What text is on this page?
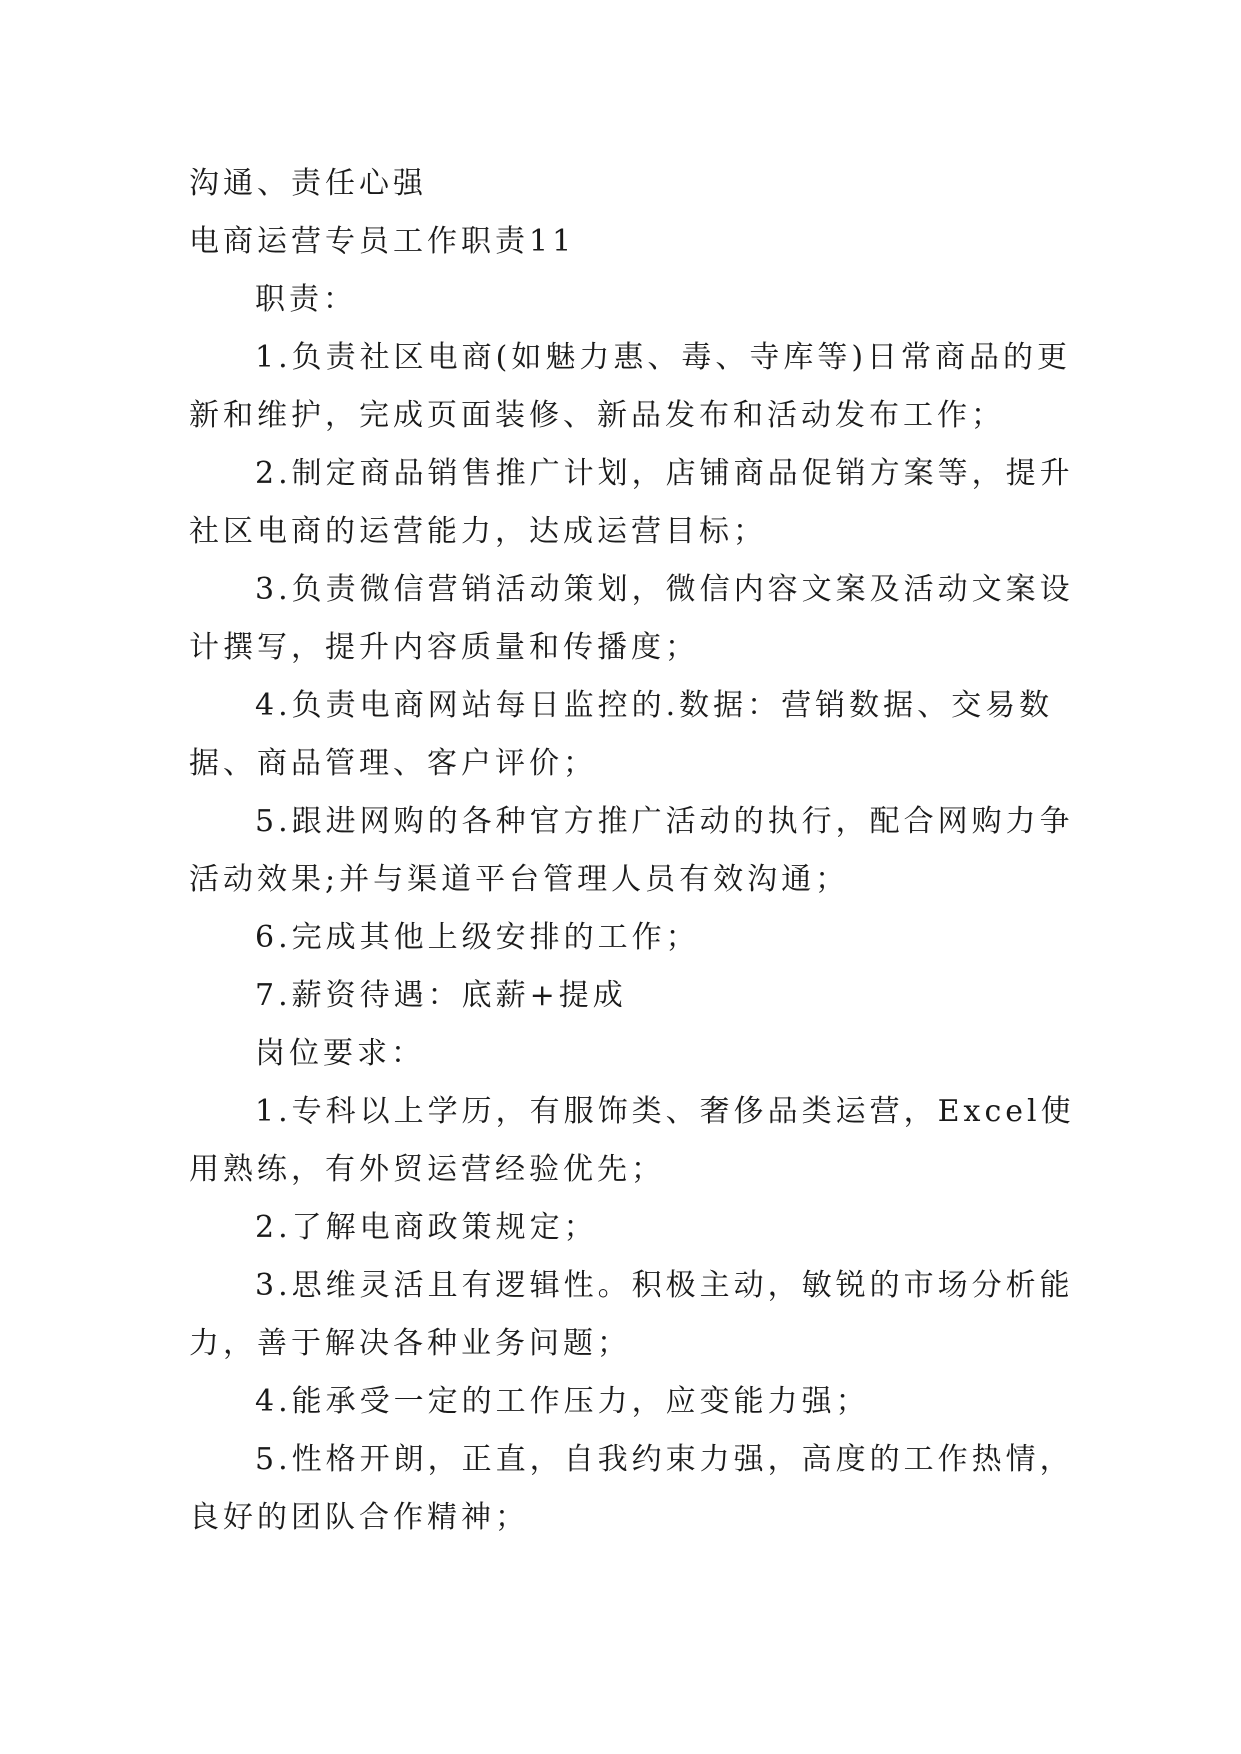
沟通、责任心强
电商运营专员工作职责11
职责：
1.负责社区电商(如魅力惠、毒、寺库等)日常商品的更
新和维护，完成页面装修、新品发布和活动发布工作；
2.制定商品销售推广计划，店铺商品促销方案等，提升
社区电商的运营能力，达成运营目标；
3.负责微信营销活动策划，微信内容文案及活动文案设
计撰写，提升内容质量和传播度；
4.负责电商网站每日监控的.数据：营销数据、交易数
据、商品管理、客户评价；
5.跟进网购的各种官方推广活动的执行，配合网购力争
活动效果;并与渠道平台管理人员有效沟通；
6.完成其他上级安排的工作；
7.薪资待遇：底薪+提成
岗位要求：
1.专科以上学历，有服饰类、奢侈品类运营，Excel使
用熟练，有外贸运营经验优先；
2.了解电商政策规定；
3.思维灵活且有逻辑性。积极主动，敏锐的市场分析能
力，善于解决各种业务问题；
4.能承受一定的工作压力，应变能力强；
5.性格开朗，正直，自我约束力强，高度的工作热情，
良好的团队合作精神；
